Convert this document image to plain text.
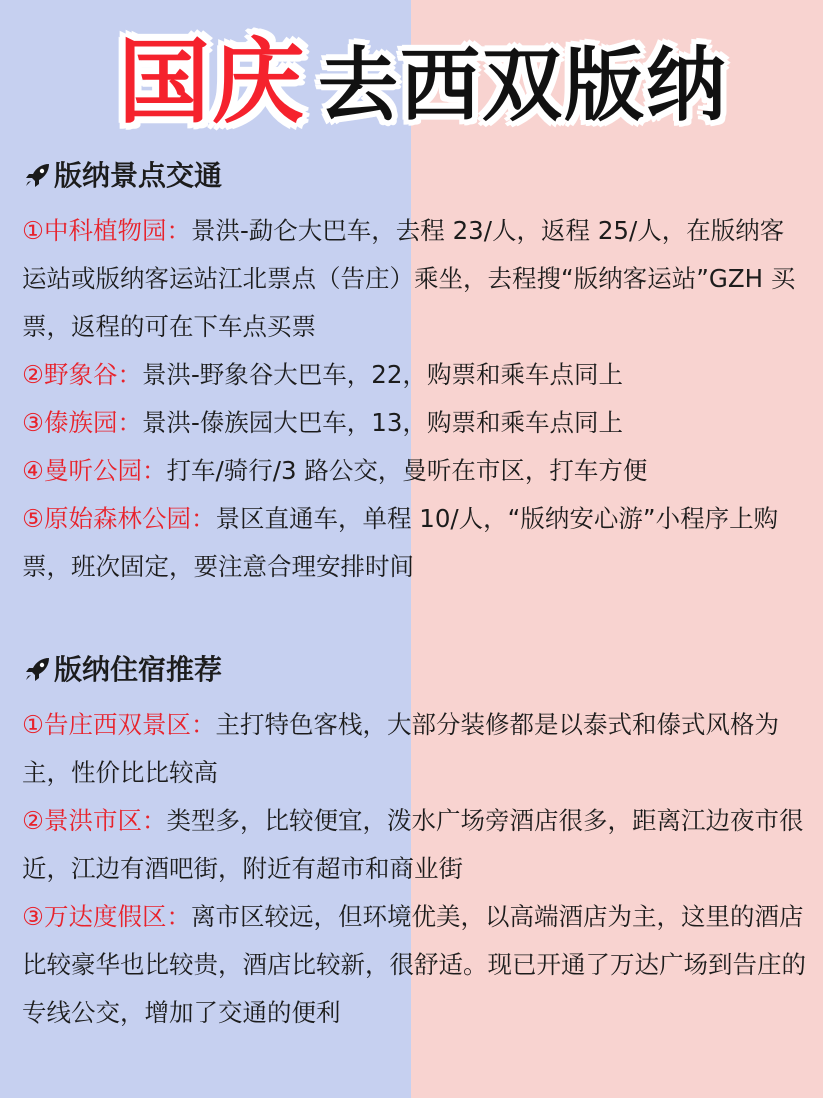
国庆 去西双版纳
版纳景点交通
①中科植物园：景洪-勐仑大巴车，去程 23/人，返程 25/人，在版纳客运站或版纳客运站江北票点（告庄）乘坐，去程搜“版纳客运站”GZH 买票，返程的可在下车点买票
②野象谷：景洪-野象谷大巴车，22，购票和乘车点同上
③傣族园：景洪-傣族园大巴车，13，购票和乘车点同上
④曼听公园：打车/骑行/3 路公交，曼听在市区，打车方便
⑤原始森林公园：景区直通车，单程 10/人，“版纳安心游”小程序上购票，班次固定，要注意合理安排时间
版纳住宿推荐
①告庄西双景区：主打特色客栈，大部分装修都是以泰式和傣式风格为主，性价比比较高
②景洪市区：类型多，比较便宜，泼水广场旁酒店很多，距离江边夜市很近，江边有酒吧街，附近有超市和商业街
③万达度假区：离市区较远，但环境优美，以高端酒店为主，这里的酒店比较豪华也比较贵，酒店比较新，很舒适。现已开通了万达广场到告庄的专线公交，增加了交通的便利
